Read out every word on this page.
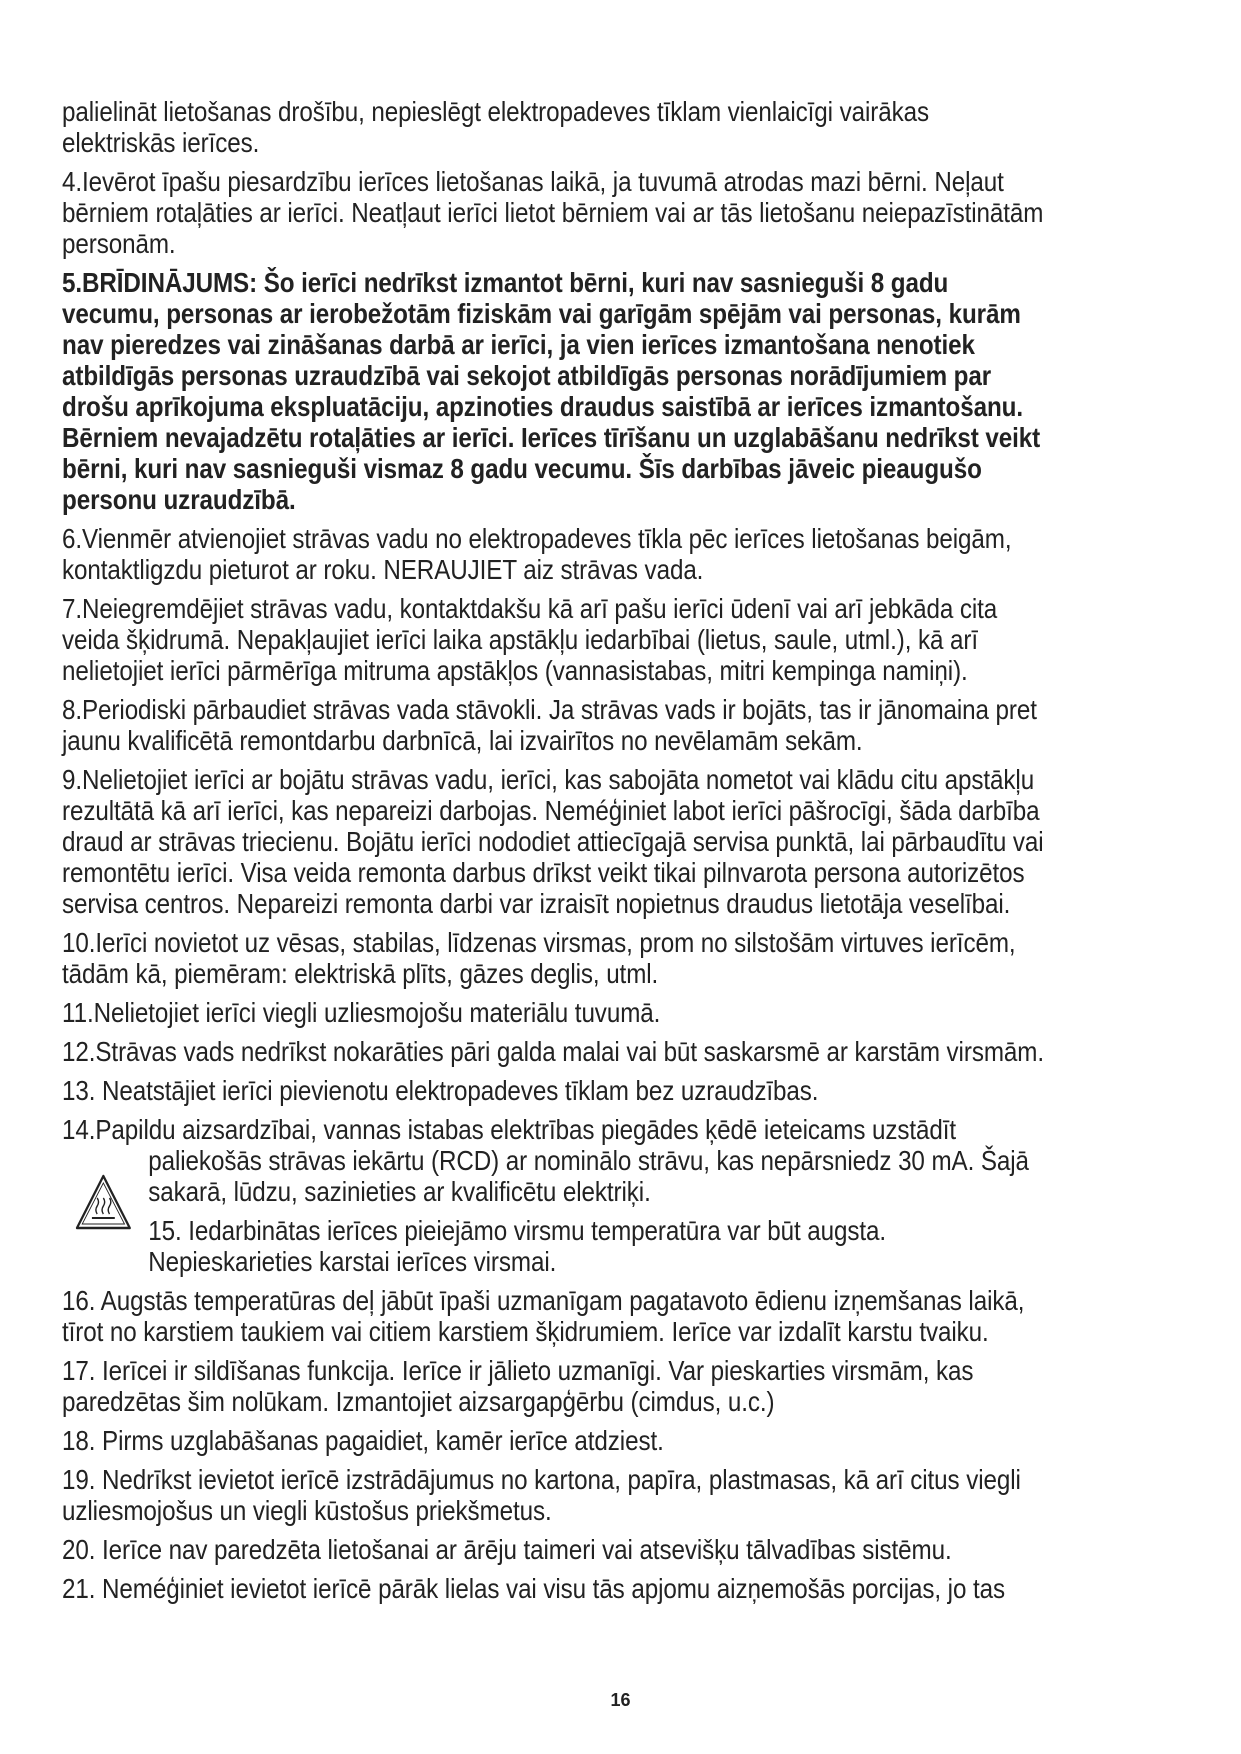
palielināt lietošanas drošību, nepieslēgt elektropadeves tīklam vienlaicīgi vairākas elektriskās ierīces.

4.Ievērot īpašu piesardzību ierīces lietošanas laikā, ja tuvumā atrodas mazi bērni. Neļaut bērniem rotaļāties ar ierīci. Neatļaut ierīci lietot bērniem vai ar tās lietošanu neiepazīstinātām personām.

5.BRĪDINĀJUMS: Šo ierīci nedrīkst izmantot bērni, kuri nav sasnieguši 8 gadu vecumu, personas ar ierobežotām fiziskām vai garīgām spējām vai personas, kurām nav pieredzes vai zināšanas darbā ar ierīci, ja vien ierīces izmantošana nenotiek atbildīgās personas uzraudzībā vai sekojot atbildīgās personas norādījumiem par drošu aprīkojuma ekspluatāciju, apzinoties draudus saistībā ar ierīces izmantošanu. Bērniem nevajadzētu rotaļāties ar ierīci. Ierīces tīrīšanu un uzglabāšanu nedrīkst veikt bērni, kuri nav sasnieguši vismaz 8 gadu vecumu. Šīs darbības jāveic pieaugušo personu uzraudzībā.

6.Vienmēr atvienojiet strāvas vadu no elektropadeves tīkla pēc ierīces lietošanas beigām, kontaktligzdu pieturot ar roku. NERAUJIET aiz strāvas vada.

7.Neiegremdējiet strāvas vadu, kontaktdakšu kā arī pašu ierīci ūdenī vai arī jebkāda cita veida šķidrumā. Nepakļaujiet ierīci laika apstākļu iedarbībai (lietus, saule, utml.), kā arī nelietojiet ierīci pārmērīga mitruma apstākļos (vannasistabas, mitri kempinga namiņi).

8.Periodiski pārbaudiet strāvas vada stāvokli. Ja strāvas vads ir bojāts, tas ir jānomaina pret jaunu kvalificētā remontdarbu darbnīcā, lai izvairītos no nevēlamām sekām.

9.Nelietojiet ierīci ar bojātu strāvas vadu, ierīci, kas sabojāta nometot vai klādu citu apstākļu rezultātā kā arī ierīci, kas nepareizi darbojas. Neméģiniet labot ierīci pāšrocīgi, šāda darbība draud ar strāvas triecienu. Bojātu ierīci nododiet attiecīgajā servisa punktā, lai pārbaudītu vai remontētu ierīci. Visa veida remonta darbus drīkst veikt tikai pilnvarota persona autorizētos servisa centros. Nepareizi remonta darbi var izraisīt nopietnus draudus lietotāja veselībai.

10.Ierīci novietot uz vēsas, stabilas, līdzenas virsmas, prom no silstošām virtuves ierīcēm, tādām kā, piemēram: elektriskā plīts, gāzes deglis, utml.

11.Nelietojiet ierīci viegli uzliesmojošu materiālu tuvumā.

12.Strāvas vads nedrīkst nokarāties pāri galda malai vai būt saskarsmē ar karstām virsmām.

13. Neatstājiet ierīci pievienotu elektropadeves tīklam bez uzraudzības.

14.Papildu aizsardzībai, vannas istabas elektrības piegādes ķēdē ieteicams uzstādīt

paliekošās strāvas iekārtu (RCD) ar nominālo strāvu, kas nepārsniedz 30 mA. Šajā sakarā, lūdzu, sazinieties ar kvalificētu elektriķi.

15. Iedarbinātas ierīces pieiejāmo virsmu temperatūra var būt augsta. Nepieskarieties karstai ierīces virsmai.

16. Augstās temperatūras deļ jābūt īpaši uzmanīgam pagatavoto ēdienu izņemšanas laikā, tīrot no karstiem taukiem vai citiem karstiem šķidrumiem. Ierīce var izdalīt karstu tvaiku.

17. Ierīcei ir sildīšanas funkcija. Ierīce ir jālieto uzmanīgi. Var pieskarties virsmām, kas paredzētas šim nolūkam. Izmantojiet aizsargapģērbu (cimdus, u.c.)

18. Pirms uzglabāšanas pagaidiet, kamēr ierīce atdziest.

19. Nedrīkst ievietot ierīcē izstrādājumus no kartona, papīra, plastmasas, kā arī citus viegli uzliesmojošus un viegli kūstošus priekšmetus.

20. Ierīce nav paredzēta lietošanai ar ārēju taimeri vai atsevišķu tālvadības sistēmu.

21. Neméģiniet ievietot ierīcē pārāk lielas vai visu tās apjomu aizņemošās porcijas, jo tas

16
